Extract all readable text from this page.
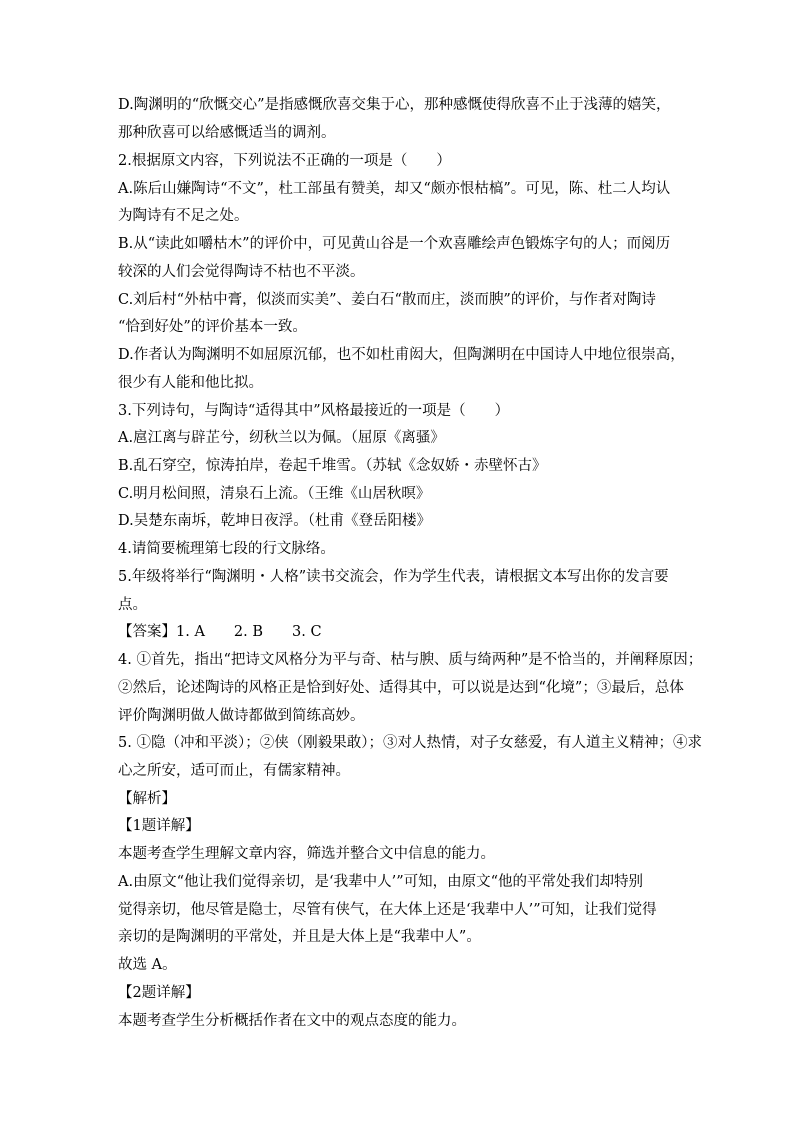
D.陶渊明的“欣慨交心”是指感慨欣喜交集于心，那种感慨使得欣喜不止于浅薄的嬉笑，
那种欣喜可以给感慨适当的调剂。
2.根据原文内容，下列说法不正确的一项是（　　）
A.陈后山嫌陶诗“不文”，杜工部虽有赞美，却又“颇亦恨枯槁”。可见，陈、杜二人均认
为陶诗有不足之处。
B.从“读此如嚼枯木”的评价中，可见黄山谷是一个欢喜雕绘声色锻炼字句的人；而阅历
较深的人们会觉得陶诗不枯也不平淡。
C.刘后村“外枯中膏，似淡而实美”、姜白石“散而庄，淡而腴”的评价，与作者对陶诗
“恰到好处”的评价基本一致。
D.作者认为陶渊明不如屈原沉郁，也不如杜甫闳大，但陶渊明在中国诗人中地位很崇高，
很少有人能和他比拟。
3.下列诗句，与陶诗“适得其中”风格最接近的一项是（　　）
A.扈江离与辟芷兮，纫秋兰以为佩。（屈原《离骚》
B.乱石穿空，惊涛拍岸，卷起千堆雪。（苏轼《念奴娇・赤壁怀古》
C.明月松间照，清泉石上流。（王维《山居秋暝》
D.吴楚东南坼，乾坤日夜浮。（杜甫《登岳阳楼》
4.请简要梳理第七段的行文脉络。
5.年级将举行“陶渊明・人格”读书交流会，作为学生代表，请根据文本写出你的发言要
点。
【答案】1. A　　2. B　　3. C
4. ①首先，指出“把诗文风格分为平与奇、枯与腴、质与绮两种”是不恰当的，并阐释原因；
②然后，论述陶诗的风格正是恰到好处、适得其中，可以说是达到“化境”；③最后，总体
评价陶渊明做人做诗都做到简练高妙。
5. ①隐（冲和平淡）；②侠（刚毅果敢）；③对人热情，对子女慈爱，有人道主义精神；④求
心之所安，适可而止，有儒家精神。
【解析】
【1题详解】
本题考查学生理解文章内容，筛选并整合文中信息的能力。
A.由原文“他让我们觉得亲切，是‘我辈中人’”可知，由原文“他的平常处我们却特别
觉得亲切，他尽管是隐士，尽管有侠气，在大体上还是‘我辈中人’”可知，让我们觉得
亲切的是陶渊明的平常处，并且是大体上是“我辈中人”。
故选 A。
【2题详解】
本题考查学生分析概括作者在文中的观点态度的能力。
